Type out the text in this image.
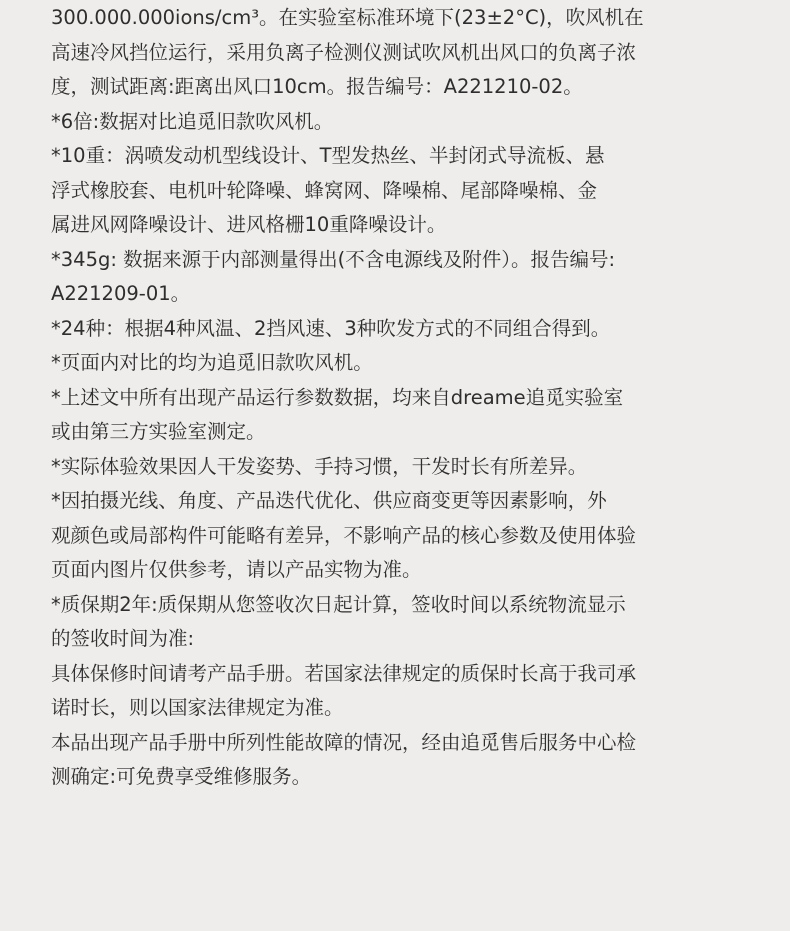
300.000.000ions/cm³。在实验室标准环境下(23±2°C)，吹风机在
高速冷风挡位运行，采用负离子检测仪测试吹风机出风口的负离子浓
度，测试距离:距离出风口10cm。报告编号：A221210-02。
*6倍:数据对比追觅旧款吹风机。
*10重：涡喷发动机型线设计、T型发热丝、半封闭式导流板、悬
浮式橡胶套、电机叶轮降噪、蜂窝网、降噪棉、尾部降噪棉、金
属进风网降噪设计、进风格栅10重降噪设计。
*345g: 数据来源于内部测量得出(不含电源线及附件）。报告编号:
A221209-01。
*24种：根据4种风温、2挡风速、3种吹发方式的不同组合得到。
*页面内对比的均为追觅旧款吹风机。
*上述文中所有出现产品运行参数数据，均来自dreame追觅实验室
或由第三方实验室测定。
*实际体验效果因人干发姿势、手持习惯，干发时长有所差异。
*因拍摄光线、角度、产品迭代优化、供应商变更等因素影响，外
观颜色或局部构件可能略有差异，不影响产品的核心参数及使用体验
页面内图片仅供参考，请以产品实物为准。
*质保期2年:质保期从您签收次日起计算，签收时间以系统物流显示
的签收时间为准:
具体保修时间请考产品手册。若国家法律规定的质保时长高于我司承
诺时长，则以国家法律规定为准。
本品出现产品手册中所列性能故障的情况，经由追觅售后服务中心检
测确定:可免费享受维修服务。
